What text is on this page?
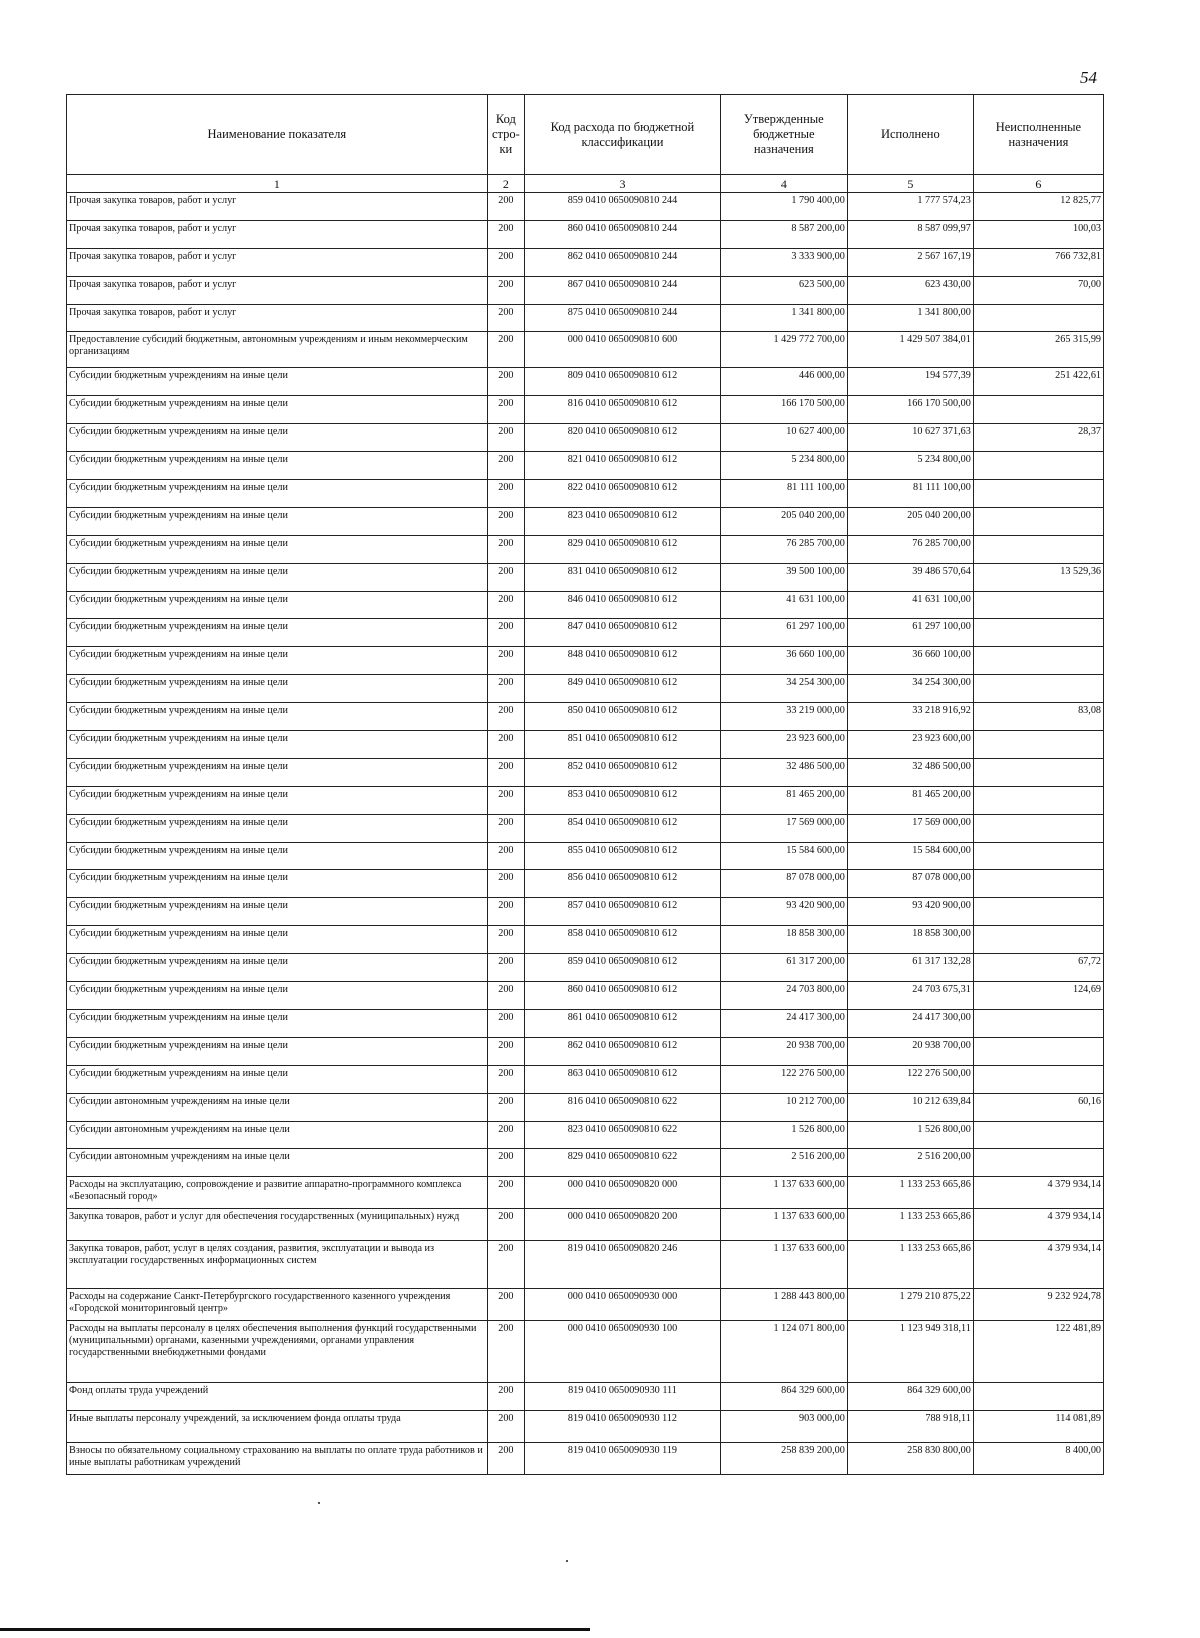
54
Наименование показателя	Код стро-ки	Код расхода по бюджетной классификации	Утвержденные бюджетные назначения	Исполнено	Неисполненные назначения
1	2	3	4	5	6
Прочая закупка товаров, работ и услуг	200	859 0410 0650090810 244	1 790 400,00	1 777 574,23	12 825,77
Прочая закупка товаров, работ и услуг	200	860 0410 0650090810 244	8 587 200,00	8 587 099,97	100,03
Прочая закупка товаров, работ и услуг	200	862 0410 0650090810 244	3 333 900,00	2 567 167,19	766 732,81
Прочая закупка товаров, работ и услуг	200	867 0410 0650090810 244	623 500,00	623 430,00	70,00
Прочая закупка товаров, работ и услуг	200	875 0410 0650090810 244	1 341 800,00	1 341 800,00	
Предоставление субсидий бюджетным, автономным учреждениям и иным некоммерческим организациям	200	000 0410 0650090810 600	1 429 772 700,00	1 429 507 384,01	265 315,99
Субсидии бюджетным учреждениям на иные цели	200	809 0410 0650090810 612	446 000,00	194 577,39	251 422,61
Субсидии бюджетным учреждениям на иные цели	200	816 0410 0650090810 612	166 170 500,00	166 170 500,00	
Субсидии бюджетным учреждениям на иные цели	200	820 0410 0650090810 612	10 627 400,00	10 627 371,63	28,37
Субсидии бюджетным учреждениям на иные цели	200	821 0410 0650090810 612	5 234 800,00	5 234 800,00	
Субсидии бюджетным учреждениям на иные цели	200	822 0410 0650090810 612	81 111 100,00	81 111 100,00	
Субсидии бюджетным учреждениям на иные цели	200	823 0410 0650090810 612	205 040 200,00	205 040 200,00	
Субсидии бюджетным учреждениям на иные цели	200	829 0410 0650090810 612	76 285 700,00	76 285 700,00	
Субсидии бюджетным учреждениям на иные цели	200	831 0410 0650090810 612	39 500 100,00	39 486 570,64	13 529,36
Субсидии бюджетным учреждениям на иные цели	200	846 0410 0650090810 612	41 631 100,00	41 631 100,00	
Субсидии бюджетным учреждениям на иные цели	200	847 0410 0650090810 612	61 297 100,00	61 297 100,00	
Субсидии бюджетным учреждениям на иные цели	200	848 0410 0650090810 612	36 660 100,00	36 660 100,00	
Субсидии бюджетным учреждениям на иные цели	200	849 0410 0650090810 612	34 254 300,00	34 254 300,00	
Субсидии бюджетным учреждениям на иные цели	200	850 0410 0650090810 612	33 219 000,00	33 218 916,92	83,08
Субсидии бюджетным учреждениям на иные цели	200	851 0410 0650090810 612	23 923 600,00	23 923 600,00	
Субсидии бюджетным учреждениям на иные цели	200	852 0410 0650090810 612	32 486 500,00	32 486 500,00	
Субсидии бюджетным учреждениям на иные цели	200	853 0410 0650090810 612	81 465 200,00	81 465 200,00	
Субсидии бюджетным учреждениям на иные цели	200	854 0410 0650090810 612	17 569 000,00	17 569 000,00	
Субсидии бюджетным учреждениям на иные цели	200	855 0410 0650090810 612	15 584 600,00	15 584 600,00	
Субсидии бюджетным учреждениям на иные цели	200	856 0410 0650090810 612	87 078 000,00	87 078 000,00	
Субсидии бюджетным учреждениям на иные цели	200	857 0410 0650090810 612	93 420 900,00	93 420 900,00	
Субсидии бюджетным учреждениям на иные цели	200	858 0410 0650090810 612	18 858 300,00	18 858 300,00	
Субсидии бюджетным учреждениям на иные цели	200	859 0410 0650090810 612	61 317 200,00	61 317 132,28	67,72
Субсидии бюджетным учреждениям на иные цели	200	860 0410 0650090810 612	24 703 800,00	24 703 675,31	124,69
Субсидии бюджетным учреждениям на иные цели	200	861 0410 0650090810 612	24 417 300,00	24 417 300,00	
Субсидии бюджетным учреждениям на иные цели	200	862 0410 0650090810 612	20 938 700,00	20 938 700,00	
Субсидии бюджетным учреждениям на иные цели	200	863 0410 0650090810 612	122 276 500,00	122 276 500,00	
Субсидии автономным учреждениям на иные цели	200	816 0410 0650090810 622	10 212 700,00	10 212 639,84	60,16
Субсидии автономным учреждениям на иные цели	200	823 0410 0650090810 622	1 526 800,00	1 526 800,00	
Субсидии автономным учреждениям на иные цели	200	829 0410 0650090810 622	2 516 200,00	2 516 200,00	
Расходы на эксплуатацию, сопровождение и развитие аппаратно-программного комплекса «Безопасный город»	200	000 0410 0650090820 000	1 137 633 600,00	1 133 253 665,86	4 379 934,14
Закупка товаров, работ и услуг для обеспечения государственных (муниципальных) нужд	200	000 0410 0650090820 200	1 137 633 600,00	1 133 253 665,86	4 379 934,14
Закупка товаров, работ, услуг в целях создания, развития, эксплуатации и вывода из эксплуатации государственных информационных систем	200	819 0410 0650090820 246	1 137 633 600,00	1 133 253 665,86	4 379 934,14
Расходы на содержание Санкт-Петербургского государственного казенного учреждения «Городской мониторинговый центр»	200	000 0410 0650090930 000	1 288 443 800,00	1 279 210 875,22	9 232 924,78
Расходы на выплаты персоналу в целях обеспечения выполнения функций государственными (муниципальными) органами, казенными учреждениями, органами управления государственными внебюджетными фондами	200	000 0410 0650090930 100	1 124 071 800,00	1 123 949 318,11	122 481,89
Фонд оплаты труда учреждений	200	819 0410 0650090930 111	864 329 600,00	864 329 600,00	
Иные выплаты персоналу учреждений, за исключением фонда оплаты труда	200	819 0410 0650090930 112	903 000,00	788 918,11	114 081,89
Взносы по обязательному социальному страхованию на выплаты по оплате труда работников и иные выплаты работникам учреждений	200	819 0410 0650090930 119	258 839 200,00	258 830 800,00	8 400,00
